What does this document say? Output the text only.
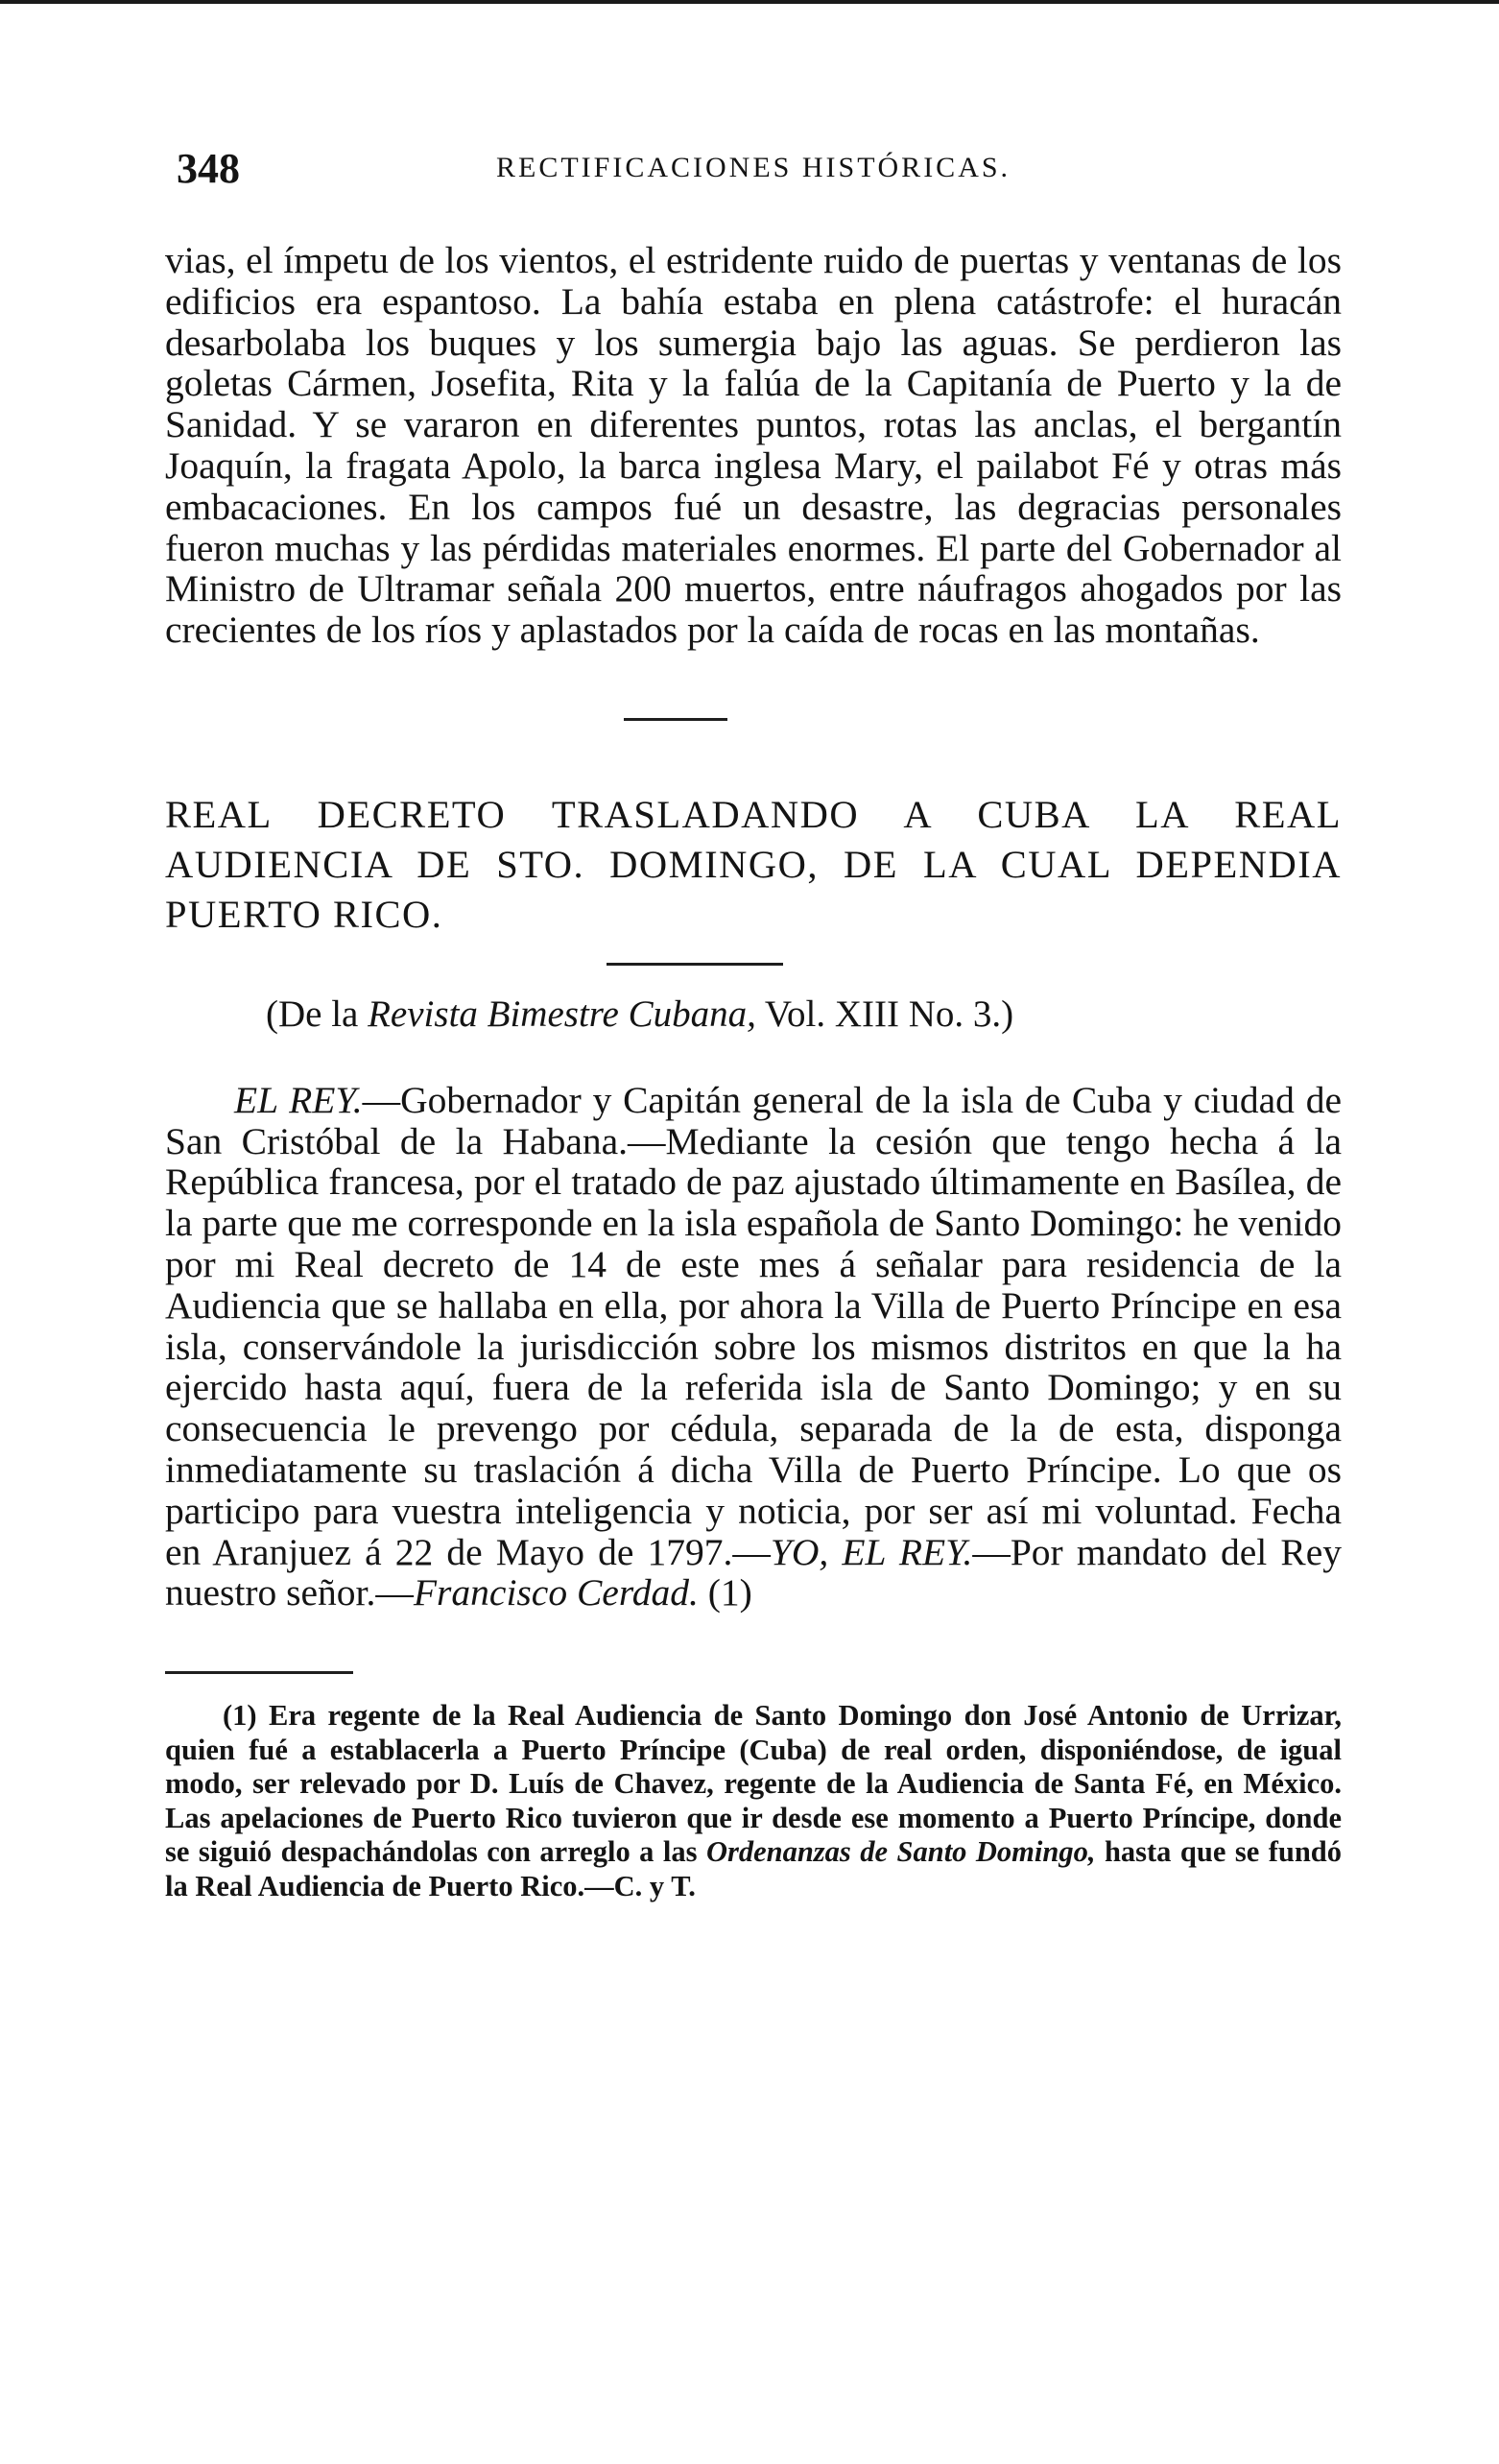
348	RECTIFICACIONES HISTÓRICAS.

vias, el ímpetu de los vientos, el estridente ruido de puertas y ventanas de los edificios era espantoso. La bahía estaba en plena catástrofe: el huracán desarbolaba los buques y los sumergia bajo las aguas. Se perdieron las goletas Cármen, Josefita, Rita y la falúa de la Capitanía de Puerto y la de Sanidad. Y se vararon en diferentes puntos, rotas las anclas, el bergantín Joaquín, la fragata Apolo, la barca inglesa Mary, el pailabot Fé y otras más embacaciones. En los campos fué un desastre, las degracias personales fueron muchas y las pérdidas materiales enormes. El parte del Gobernador al Ministro de Ultramar señala 200 muertos, entre náufragos ahogados por las crecientes de los ríos y aplastados por la caída de rocas en las montañas.

REAL DECRETO TRASLADANDO A CUBA LA REAL AUDIENCIA DE STO. DOMINGO, DE LA CUAL DEPENDIA PUERTO RICO.

(De la Revista Bimestre Cubana, Vol. XIII No. 3.)

EL REY.—Gobernador y Capitán general de la isla de Cuba y ciudad de San Cristóbal de la Habana.—Mediante la cesión que tengo hecha á la República francesa, por el tratado de paz ajustado últimamente en Basílea, de la parte que me corresponde en la isla española de Santo Domingo: he venido por mi Real decreto de 14 de este mes á señalar para residencia de la Audiencia que se hallaba en ella, por ahora la Villa de Puerto Príncipe en esa isla, conservándole la jurisdicción sobre los mismos distritos en que la ha ejercido hasta aquí, fuera de la referida isla de Santo Domingo; y en su consecuencia le prevengo por cédula, separada de la de esta, disponga inmediatamente su traslación á dicha Villa de Puerto Príncipe. Lo que os participo para vuestra inteligencia y noticia, por ser así mi voluntad. Fecha en Aranjuez á 22 de Mayo de 1797.—YO, EL REY.—Por mandato del Rey nuestro señor.—Francisco Cerdad. (1)

(1) Era regente de la Real Audiencia de Santo Domingo don José Antonio de Urrizar, quien fué a establacerla a Puerto Príncipe (Cuba) de real orden, disponiéndose, de igual modo, ser relevado por D. Luís de Chavez, regente de la Audiencia de Santa Fé, en México. Las apelaciones de Puerto Rico tuvieron que ir desde ese momento a Puerto Príncipe, donde se siguió despachándolas con arreglo a las Ordenanzas de Santo Domingo, hasta que se fundó la Real Audiencia de Puerto Rico.—C. y T.
